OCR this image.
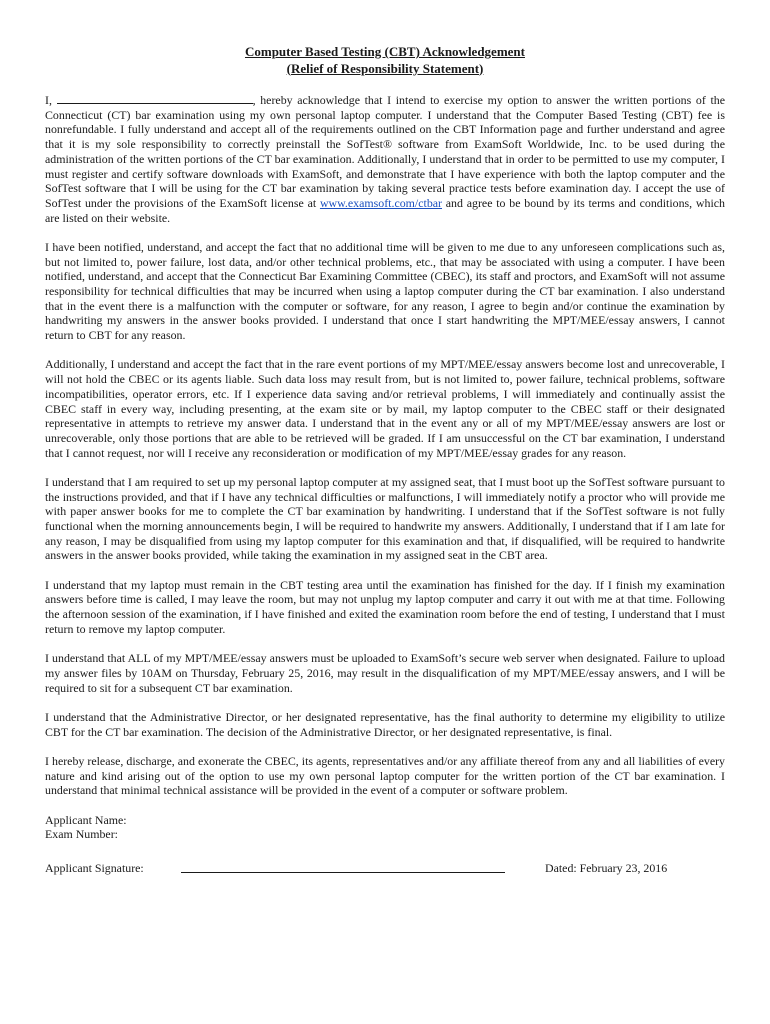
Computer Based Testing (CBT) Acknowledgement
(Relief of Responsibility Statement)

I,	, hereby acknowledge that I intend to exercise my option to answer the written portions of the Connecticut (CT) bar examination using my own personal laptop computer. I understand that the Computer Based Testing (CBT) fee is nonrefundable. I fully understand and accept all of the requirements outlined on the CBT Information page and further understand and agree that it is my sole responsibility to correctly preinstall the SofTest® software from ExamSoft Worldwide, Inc. to be used during the administration of the written portions of the CT bar examination. Additionally, I understand that in order to be permitted to use my computer, I must register and certify software downloads with ExamSoft, and demonstrate that I have experience with both the laptop computer and the SofTest software that I will be using for the CT bar examination by taking several practice tests before examination day. I accept the use of SofTest under the provisions of the ExamSoft license at www.examsoft.com/ctbar and agree to be bound by its terms and conditions, which are listed on their website.

I have been notified, understand, and accept the fact that no additional time will be given to me due to any unforeseen complications such as, but not limited to, power failure, lost data, and/or other technical problems, etc., that may be associated with using a computer. I have been notified, understand, and accept that the Connecticut Bar Examining Committee (CBEC), its staff and proctors, and ExamSoft will not assume responsibility for technical difficulties that may be incurred when using a laptop computer during the CT bar examination. I also understand that in the event there is a malfunction with the computer or software, for any reason, I agree to begin and/or continue the examination by handwriting my answers in the answer books provided. I understand that once I start handwriting the MPT/MEE/essay answers, I cannot return to CBT for any reason.

Additionally, I understand and accept the fact that in the rare event portions of my MPT/MEE/essay answers become lost and unrecoverable, I will not hold the CBEC or its agents liable. Such data loss may result from, but is not limited to, power failure, technical problems, software incompatibilities, operator errors, etc. If I experience data saving and/or retrieval problems, I will immediately and continually assist the CBEC staff in every way, including presenting, at the exam site or by mail, my laptop computer to the CBEC staff or their designated representative in attempts to retrieve my answer data. I understand that in the event any or all of my MPT/MEE/essay answers are lost or unrecoverable, only those portions that are able to be retrieved will be graded. If I am unsuccessful on the CT bar examination, I understand that I cannot request, nor will I receive any reconsideration or modification of my MPT/MEE/essay grades for any reason.

I understand that I am required to set up my personal laptop computer at my assigned seat, that I must boot up the SofTest software pursuant to the instructions provided, and that if I have any technical difficulties or malfunctions, I will immediately notify a proctor who will provide me with paper answer books for me to complete the CT bar examination by handwriting. I understand that if the SofTest software is not fully functional when the morning announcements begin, I will be required to handwrite my answers. Additionally, I understand that if I am late for any reason, I may be disqualified from using my laptop computer for this examination and that, if disqualified, will be required to handwrite answers in the answer books provided, while taking the examination in my assigned seat in the CBT area.

I understand that my laptop must remain in the CBT testing area until the examination has finished for the day. If I finish my examination answers before time is called, I may leave the room, but may not unplug my laptop computer and carry it out with me at that time. Following the afternoon session of the examination, if I have finished and exited the examination room before the end of testing, I understand that I must return to remove my laptop computer.

I understand that ALL of my MPT/MEE/essay answers must be uploaded to ExamSoft’s secure web server when designated. Failure to upload my answer files by 10AM on Thursday, February 25, 2016, may result in the disqualification of my MPT/MEE/essay answers, and I will be required to sit for a subsequent CT bar examination.

I understand that the Administrative Director, or her designated representative, has the final authority to determine my eligibility to utilize CBT for the CT bar examination. The decision of the Administrative Director, or her designated representative, is final.

I hereby release, discharge, and exonerate the CBEC, its agents, representatives and/or any affiliate thereof from any and all liabilities of every nature and kind arising out of the option to use my own personal laptop computer for the written portion of the CT bar examination. I understand that minimal technical assistance will be provided in the event of a computer or software problem.

Applicant Name:
Exam Number:
Applicant Signature:	Dated: February 23, 2016
